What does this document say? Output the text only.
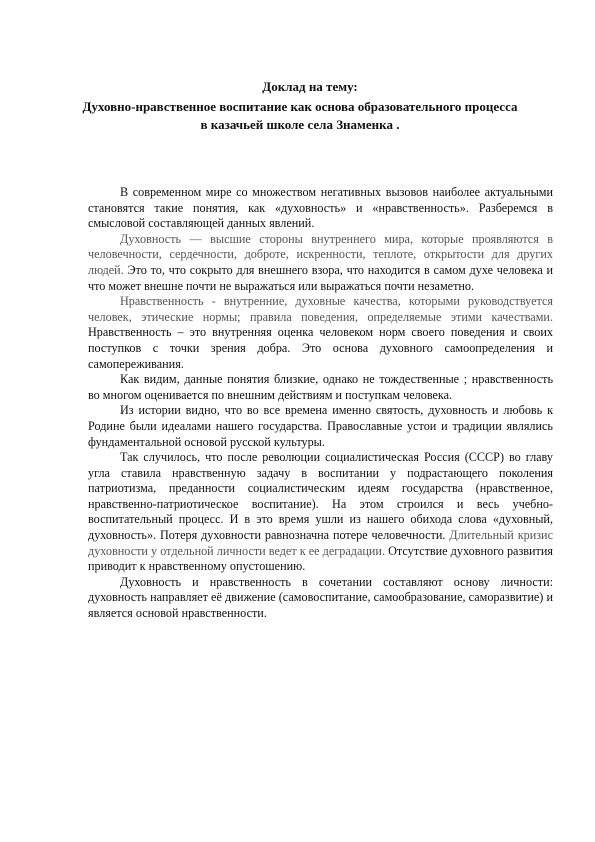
Доклад на тему:
Духовно-нравственное воспитание как основа образовательного процесса
в казачьей школе села Знаменка .

В современном мире со множеством негативных вызовов наиболее актуальными становятся такие понятия, как «духовность» и «нравственность». Разберемся в смысловой составляющей данных явлений.

Духовность — высшие стороны внутреннего мира, которые проявляются в человечности, сердечности, доброте, искренности, теплоте, открытости для других людей. Это то, что сокрыто для внешнего взора, что находится в самом духе человека и что может внешне почти не выражаться или выражаться почти незаметно.

Нравственность - внутренние, духовные качества, которыми руководствуется человек, этические нормы; правила поведения, определяемые этими качествами. Нравственность – это внутренняя оценка человеком норм своего поведения и своих поступков с точки зрения добра. Это основа духовного самоопределения и самопереживания.

Как видим, данные понятия близкие, однако не тождественные ; нравственность во многом оценивается по внешним действиям и поступкам человека.

Из истории видно, что во все времена именно святость, духовность и любовь к Родине были идеалами нашего государства. Православные устои и традиции являлись фундаментальной основой русской культуры.

Так случилось, что после революции социалистическая Россия (СССР) во главу угла ставила нравственную задачу в воспитании у подрастающего поколения патриотизма, преданности социалистическим идеям государства (нравственное, нравственно-патриотическое воспитание). На этом строился и весь учебно-воспитательный процесс. И в это время ушли из нашего обихода слова «духовный, духовность». Потеря духовности равнозначна потере человечности. Длительный кризис духовности у отдельной личности ведет к ее деградации. Отсутствие духовного развития приводит к нравственному опустошению.

Духовность и нравственность в сочетании составляют основу личности: духовность направляет её движение (самовоспитание, самообразование, саморазвитие) и является основой нравственности.
